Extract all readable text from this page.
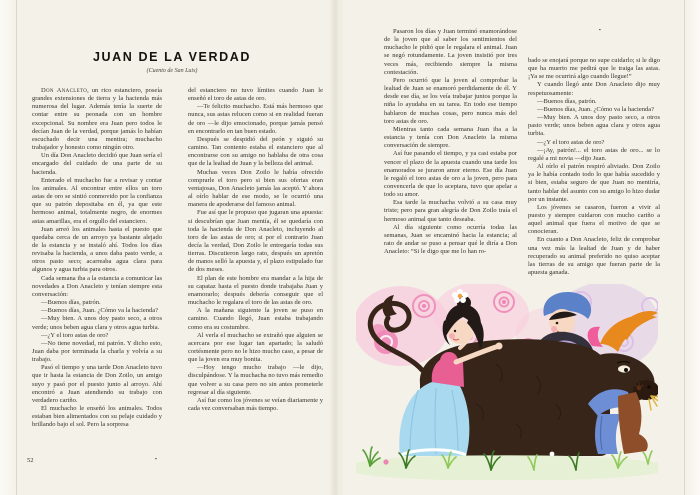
JUAN DE LA VERDAD
(Cuento de San Luis)

Don Anacleto, un rico estanciero, poseía grandes extensiones de tierra y la hacienda más numerosa del lugar. Además tenía la suerte de contar entre su peonada con un hombre excepcional. Su nombre era Juan pero todos le decían Juan de la verdad, porque jamás lo habían escuchado decir una mentira; muchacho trabajador y honesto como ningún otro.

Un día Don Anacleto decidió que Juan sería el encargado del cuidado de una parte de su hacienda.

Enterado el muchacho fue a revisar y contar los animales. Al encontrar entre ellos un toro astas de oro se sintió conmovido por la confianza que su patrón depositaba en él, ya que este hermoso animal, totalmente negro, de enormes astas amarillas, era el orgullo del estanciero.

Juan arreó los animales hasta el puesto que quedaba cerca de un arroyo ya bastante alejado de la estancia y se instaló ahí. Todos los días revisaba la hacienda, a unos daba pasto verde, a otros pasto seco; acarreaba agua clara para algunos y agua turbia para otros.

Cada semana iba a la estancia a comunicar las novedades a Don Anacleto y tenían siempre esta conversación:

—Buenos días, patrón.

—Buenos días, Juan. ¿Cómo va la hacienda?

—Muy bien. A unos doy pasto seco, a otros verde; unos beben agua clara y otros agua turbia.

—¿Y el toro astas de oro?

—No tiene novedad, mi patrón. Y dicho esto, Juan daba por terminada la charla y volvía a su trabajo.

Pasó el tiempo y una tarde Don Anacleto tuvo que ir hasta la estancia de Don Zoilo, un amigo suyo y pasó por el puesto junto al arroyo. Ahí encontró a Juan atendiendo su trabajo con verdadero cariño.

El muchacho le enseñó los animales. Todos estaban bien alimentados con su pelaje cuidado y brillando bajo el sol. Pero la sorpresa

del estanciero no tuvo límites cuando Juan le enseñó el toro de astas de oro.

—Te felicito muchacho. Está más hermoso que nunca, sus astas relucen como si en realidad fueran de oro —le dijo emocionado, porque jamás pensó en encontrarlo en tan buen estado.

Después se despidió del peón y siguió su camino. Tan contento estaba el estanciero que al encontrarse con su amigo no hablaba de otra cosa que de la lealtad de Juan y la belleza del animal.

Muchas veces Don Zoilo le había ofrecido comprarle el toro pero si bien sus ofertas eran ventajosas, Don Anacleto jamás las aceptó. Y ahora al oírlo hablar de ese modo, se le ocurrió una manera de apoderarse del famoso animal.

Fue así que le propuso que jugaran una apuesta: si descubrían que Juan mentía, él se quedaría con toda la hacienda de Don Anacleto, incluyendo al toro de las astas de oro; si por el contrario Juan decía la verdad, Don Zoilo le entregaría todas sus tierras. Discutieron largo rato, después un apretón de manos selló la apuesta y, el plazo estipulado fue de dos meses.

El plan de este hombre era mandar a la hija de su capataz hasta el puesto donde trabajaba Juan y enamorarlo; después debería conseguir que el muchacho le regalara el toro de las astas de oro.

A la mañana siguiente la joven se puso en camino. Cuando llegó, Juan estaba trabajando como era su costumbre.

Al verla el muchacho se extrañó que alguien se acercara por ese lugar tan apartado; la saludó cortésmente pero no le hizo mucho caso, a pesar de que la joven era muy bonita.

—Hoy tengo mucho trabajo —le dijo, disculpándose. Y la muchacha no tuvo más remedio que volver a su casa pero no sin antes prometerle regresar al día siguiente.

Así fue como los jóvenes se veían diariamente y cada vez conversaban más tiempo.

52	▪
▪

Pasaron los días y Juan terminó enamorándose de la joven que al saber los sentimientos del muchacho le pidió que le regalara el animal. Juan se negó rotundamente. La joven insistió por tres veces más, recibiendo siempre la misma contestación.

Pero ocurrió que la joven al comprobar la lealtad de Juan se enamoró perdidamente de él. Y desde ese día, se los veía trabajar juntos porque la niña lo ayudaba en su tarea. En todo ese tiempo hablaron de muchas cosas, pero nunca más del toro astas de oro.

Mientras tanto cada semana Juan iba a la estancia y tenía con Don Anacleto la misma conversación de siempre.

Así fue pasando el tiempo, y ya casi estaba por vencer el plazo de la apuesta cuando una tarde los enamorados se juraron amor eterno. Ese día Juan le regaló el toro astas de oro a la joven, pero para convencerla de que lo aceptara, tuvo que apelar a todo su amor.

Esa tarde la muchacha volvió a su casa muy triste; pero para gran alegría de Don Zoilo traía el hermoso animal que tanto deseaba.

Al día siguiente como ocurría todas las semanas, Juan se encaminó hacia la estancia; al rato de andar se puso a pensar qué le diría a Don Anacleto: “Si le digo que me lo han ro-

bado se enojará porque no supe cuidarlo; si le digo que ha muerto me pedirá que le traiga las astas. ¡Ya se me ocurrirá algo cuando llegue!”

Y cuando llegó ante Don Anacleto dijo muy respetuosamente:

—Buenos días, patrón.

—Buenos días, Juan. ¿Cómo va la hacienda?

—Muy bien. A unos doy pasto seco, a otros pasto verde; unos beben agua clara y otros agua turbia.

—¿Y el toro astas de oro?

—¡Ay, patrón!... el toro astas de oro... se lo regalé a mi novia —dijo Juan.

Al oírlo el patrón respiró aliviado. Don Zoilo ya le había contado todo lo que había sucedido y si bien, estaba seguro de que Juan no mentiría, tanto hablar del asunto con su amigo lo hizo dudar por un instante.

Los jóvenes se casaron, fueron a vivir al puesto y siempre cuidaron con mucho cariño a aquel animal que fuera el motivo de que se conocieran.

En cuanto a Don Anacleto, feliz de comprobar una vez más la lealtad de Juan y de haber recuperado su animal preferido no quiso aceptar las tierras de su amigo que fueran parte de la apuesta ganada.
